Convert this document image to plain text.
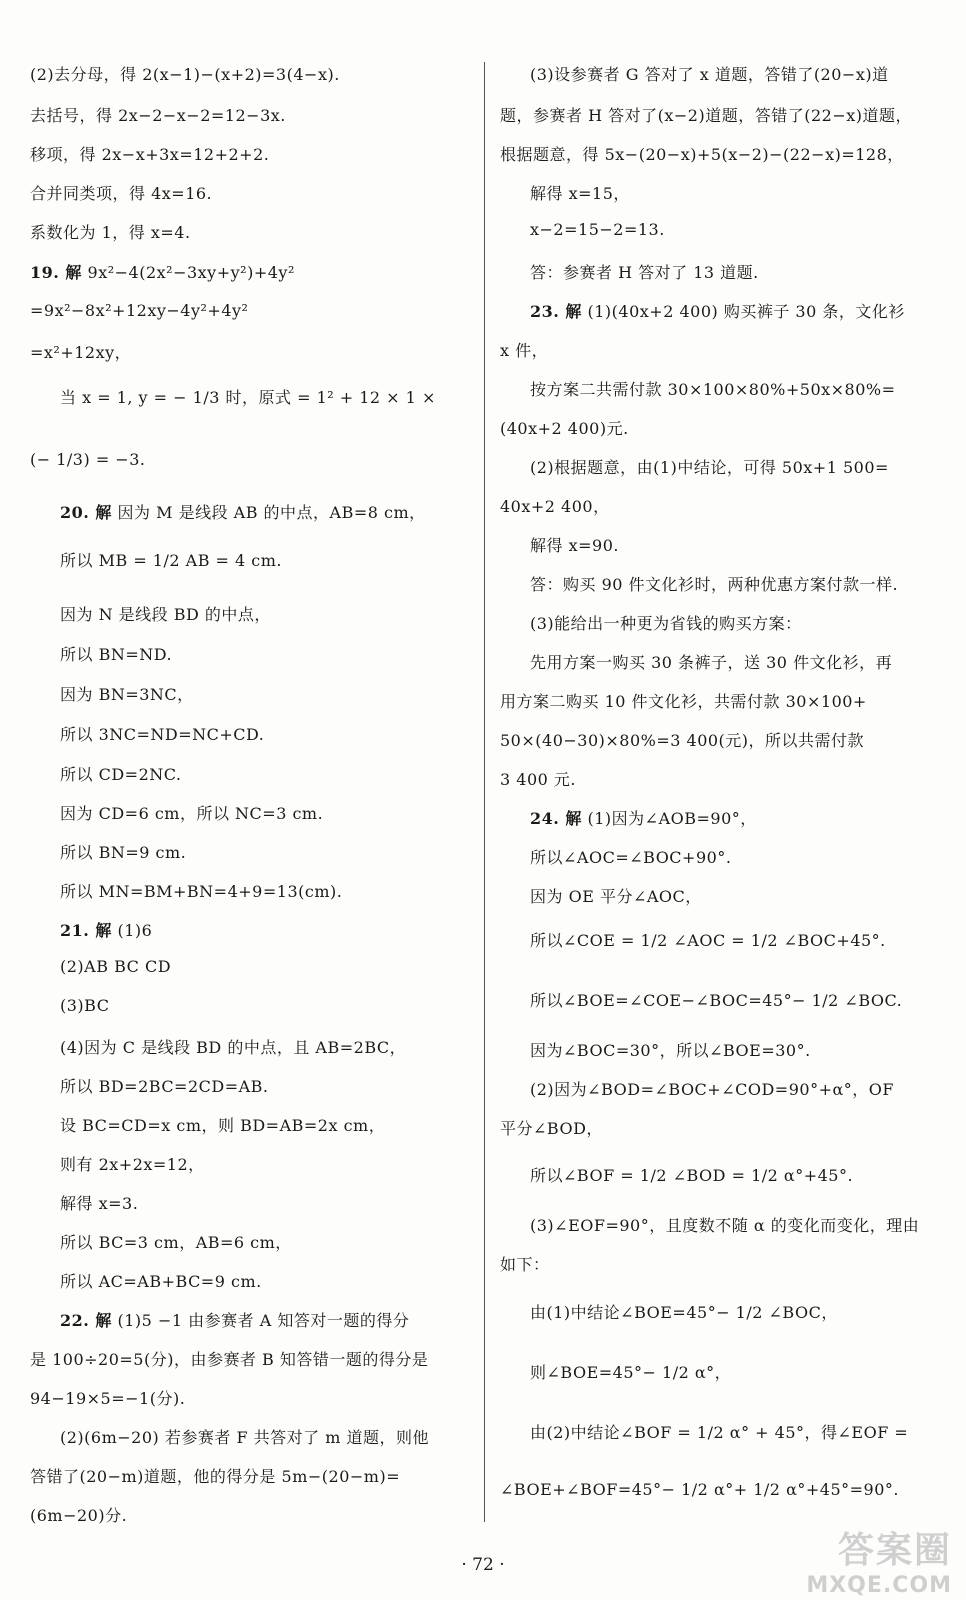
(2)去分母，得 2(x−1)−(x+2)=3(4−x).
去括号，得 2x−2−x−2=12−3x.
移项，得 2x−x+3x=12+2+2.
合并同类项，得 4x=16.
系数化为 1，得 x=4.
19. 解 9x²−4(2x²−3xy+y²)+4y²
=9x²−8x²+12xy−4y²+4y²
=x²+12xy，
当 x = 1, y = − 1/3 时，原式 = 1² + 12 × 1 ×
(− 1/3) = −3.
20. 解 因为 M 是线段 AB 的中点，AB=8 cm，
所以 MB = 1/2 AB = 4 cm.
因为 N 是线段 BD 的中点，
所以 BN=ND.
因为 BN=3NC，
所以 3NC=ND=NC+CD.
所以 CD=2NC.
因为 CD=6 cm，所以 NC=3 cm.
所以 BN=9 cm.
所以 MN=BM+BN=4+9=13(cm).
21. 解 (1)6
(2)AB BC CD
(3)BC
(4)因为 C 是线段 BD 的中点，且 AB=2BC，
所以 BD=2BC=2CD=AB.
设 BC=CD=x cm，则 BD=AB=2x cm，
则有 2x+2x=12，
解得 x=3.
所以 BC=3 cm，AB=6 cm，
所以 AC=AB+BC=9 cm.
22. 解 (1)5 −1 由参赛者 A 知答对一题的得分
是 100÷20=5(分)，由参赛者 B 知答错一题的得分是
94−19×5=−1(分).
(2)(6m−20) 若参赛者 F 共答对了 m 道题，则他
答错了(20−m)道题，他的得分是 5m−(20−m)=
(6m−20)分.
(3)设参赛者 G 答对了 x 道题，答错了(20−x)道
题，参赛者 H 答对了(x−2)道题，答错了(22−x)道题，
根据题意，得 5x−(20−x)+5(x−2)−(22−x)=128，
解得 x=15，
x−2=15−2=13.
答：参赛者 H 答对了 13 道题.
23. 解 (1)(40x+2 400) 购买裤子 30 条，文化衫
x 件，
按方案二共需付款 30×100×80%+50x×80%=
(40x+2 400)元.
(2)根据题意，由(1)中结论，可得 50x+1 500=
40x+2 400，
解得 x=90.
答：购买 90 件文化衫时，两种优惠方案付款一样.
(3)能给出一种更为省钱的购买方案：
先用方案一购买 30 条裤子，送 30 件文化衫，再
用方案二购买 10 件文化衫，共需付款 30×100+
50×(40−30)×80%=3 400(元)，所以共需付款
3 400 元.
24. 解 (1)因为∠AOB=90°，
所以∠AOC=∠BOC+90°.
因为 OE 平分∠AOC，
所以∠COE = 1/2 ∠AOC = 1/2 ∠BOC+45°.
所以∠BOE=∠COE−∠BOC=45°− 1/2 ∠BOC.
因为∠BOC=30°，所以∠BOE=30°.
(2)因为∠BOD=∠BOC+∠COD=90°+α°，OF
平分∠BOD，
所以∠BOF = 1/2 ∠BOD = 1/2 α°+45°.
(3)∠EOF=90°，且度数不随 α 的变化而变化，理由
如下：
由(1)中结论∠BOE=45°− 1/2 ∠BOC，
则∠BOE=45°− 1/2 α°，
由(2)中结论∠BOF = 1/2 α° + 45°，得∠EOF =
∠BOE+∠BOF=45°− 1/2 α°+ 1/2 α°+45°=90°.
· 72 ·	答案圈
MXQE.COM
